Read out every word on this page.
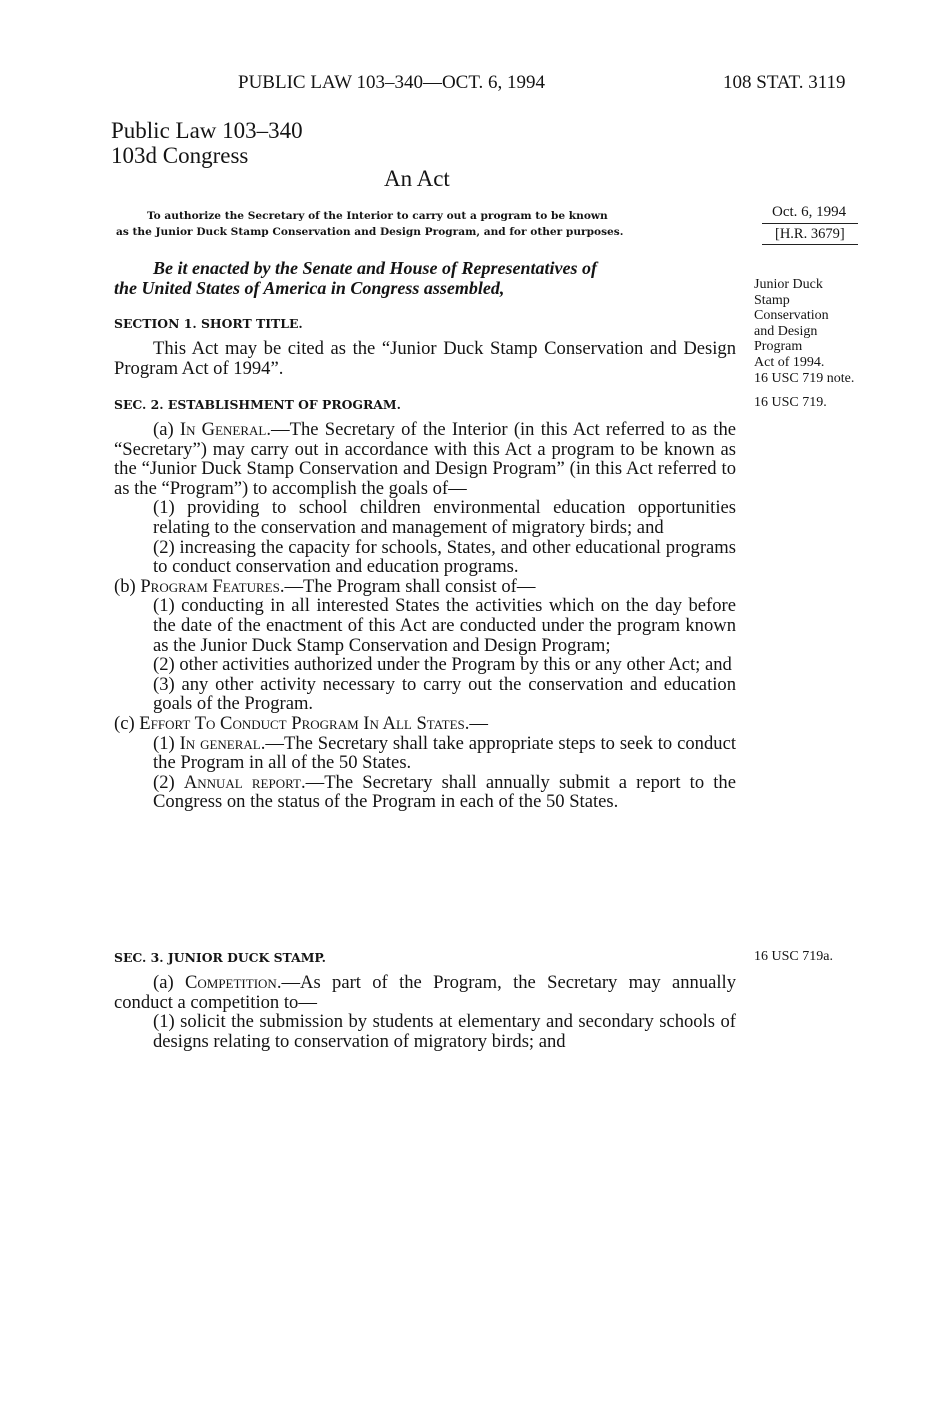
PUBLIC LAW 103–340—OCT. 6, 1994	108 STAT. 3119
Public Law 103–340
103d Congress
An Act
To authorize the Secretary of the Interior to carry out a program to be known
as the Junior Duck Stamp Conservation and Design Program, and for other purposes.
Oct. 6, 1994
[H.R. 3679]
Junior Duck
Stamp
Conservation
and Design
Program
Act of 1994.
16 USC 719 note.
16 USC 719.
16 USC 719a.

Be it enacted by the Senate and House of Representatives of
the United States of America in Congress assembled,

SECTION 1. SHORT TITLE.

This Act may be cited as the “Junior Duck Stamp Conservation and Design Program Act of 1994”.

SEC. 2. ESTABLISHMENT OF PROGRAM.

(a) In General.—The Secretary of the Interior (in this Act referred to as the “Secretary”) may carry out in accordance with this Act a program to be known as the “Junior Duck Stamp Conservation and Design Program” (in this Act referred to as the “Program”) to accomplish the goals of—

(1) providing to school children environmental education opportunities relating to the conservation and management of migratory birds; and

(2) increasing the capacity for schools, States, and other educational programs to conduct conservation and education programs.

(b) Program Features.—The Program shall consist of—

(1) conducting in all interested States the activities which on the day before the date of the enactment of this Act are conducted under the program known as the Junior Duck Stamp Conservation and Design Program;

(2) other activities authorized under the Program by this or any other Act; and

(3) any other activity necessary to carry out the conservation and education goals of the Program.

(c) Effort To Conduct Program In All States.—

(1) In general.—The Secretary shall take appropriate steps to seek to conduct the Program in all of the 50 States.

(2) Annual report.—The Secretary shall annually submit a report to the Congress on the status of the Program in each of the 50 States.

SEC. 3. JUNIOR DUCK STAMP.

(a) Competition.—As part of the Program, the Secretary may annually conduct a competition to—

(1) solicit the submission by students at elementary and secondary schools of designs relating to conservation of migratory birds; and
